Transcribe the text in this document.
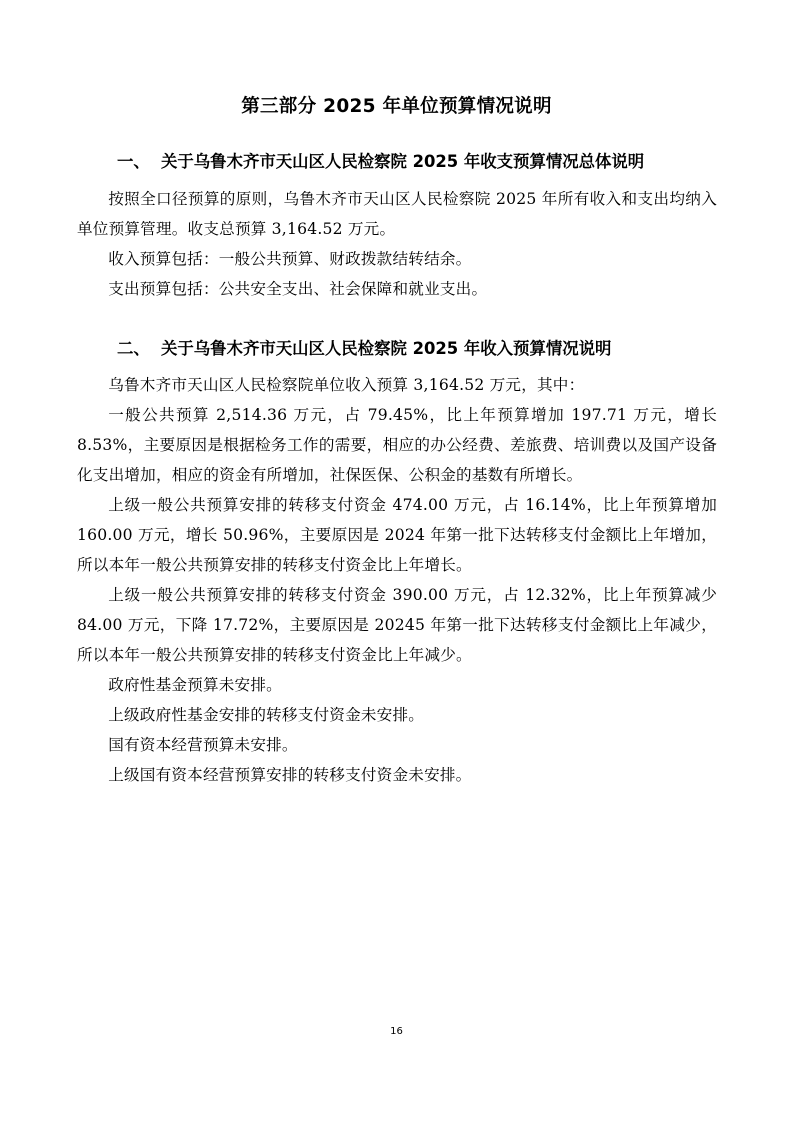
第三部分 2025 年单位预算情况说明
一、 关于乌鲁木齐市天山区人民检察院 2025 年收支预算情况总体说明

按照全口径预算的原则，乌鲁木齐市天山区人民检察院 2025 年所有收入和支出均纳入单位预算管理。收支总预算 3,164.52 万元。

收入预算包括：一般公共预算、财政拨款结转结余。

支出预算包括：公共安全支出、社会保障和就业支出。

二、 关于乌鲁木齐市天山区人民检察院 2025 年收入预算情况说明

乌鲁木齐市天山区人民检察院单位收入预算 3,164.52 万元，其中：

一般公共预算 2,514.36 万元，占 79.45%，比上年预算增加 197.71 万元，增长 8.53%，主要原因是根据检务工作的需要，相应的办公经费、差旅费、培训费以及国产设备化支出增加，相应的资金有所增加，社保医保、公积金的基数有所增长。

上级一般公共预算安排的转移支付资金 474.00 万元，占 16.14%，比上年预算增加 160.00 万元，增长 50.96%，主要原因是 2024 年第一批下达转移支付金额比上年增加，所以本年一般公共预算安排的转移支付资金比上年增长。

上级一般公共预算安排的转移支付资金 390.00 万元，占 12.32%，比上年预算减少 84.00 万元，下降 17.72%，主要原因是 20245 年第一批下达转移支付金额比上年减少，所以本年一般公共预算安排的转移支付资金比上年减少。

政府性基金预算未安排。

上级政府性基金安排的转移支付资金未安排。

国有资本经营预算未安排。

上级国有资本经营预算安排的转移支付资金未安排。

16
